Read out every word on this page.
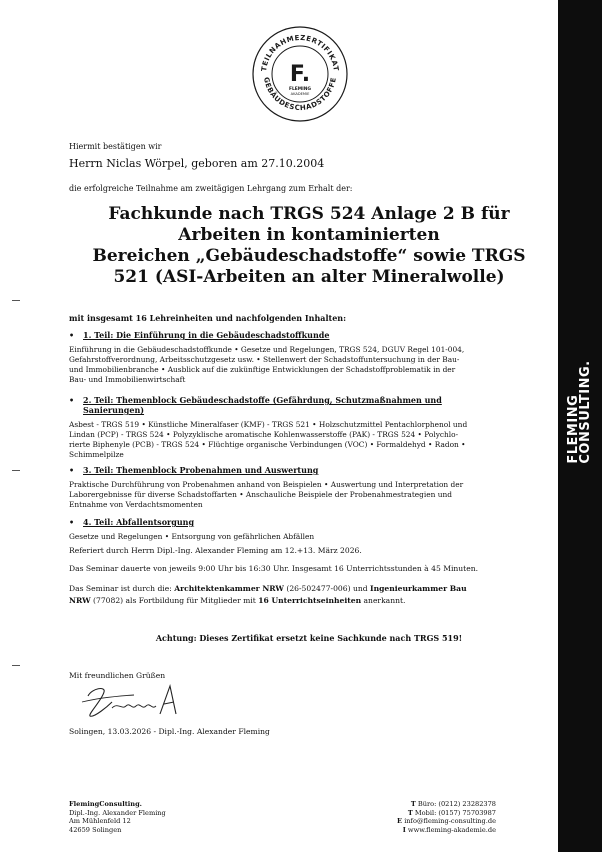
TEILNAHMEZERTIFIKAT
GEBÄUDESCHADSTOFFE
F.
FLEMING
AKADEMIE
Hiermit bestätigen wir
Herrn Niclas Wörpel, geboren am 27.10.2004
die erfolgreiche Teilnahme am zweitägigen Lehrgang zum Erhalt der:
Fachkunde nach TRGS 524 Anlage 2 B für
Arbeiten in kontaminierten
Bereichen „Gebäudeschadstoffe“ sowie TRGS
521 (ASI-Arbeiten an alter Mineralwolle)
mit insgesamt 16 Lehreinheiten und nachfolgenden Inhalten:
• 1. Teil: Die Einführung in die Gebäudeschadstoffkunde
Einführung in die Gebäudeschadstoffkunde • Gesetze und Regelungen, TRGS 524, DGUV Regel 101-004,
Gefahrstoffverordnung, Arbeitsschutzgesetz usw. • Stellenwert der Schadstoffuntersuchung in der Bau-
und Immobilienbranche • Ausblick auf die zukünftige Entwicklungen der Schadstoffproblematik in der
Bau- und Immobilienwirtschaft
• 2. Teil: Themenblock Gebäudeschadstoffe (Gefährdung, Schutzmaßnahmen und
Sanierungen)
Asbest - TRGS 519 • Künstliche Mineralfaser (KMF) - TRGS 521 • Holzschutzmittel Pentachlorphenol und
Lindan (PCP) - TRGS 524 • Polyzyklische aromatische Kohlenwasserstoffe (PAK) - TRGS 524 • Polychlo-
rierte Biphenyle (PCB) - TRGS 524 • Flüchtige organische Verbindungen (VOC) • Formaldehyd • Radon •
Schimmelpilze
• 3. Teil: Themenblock Probenahmen und Auswertung
Praktische Durchführung von Probenahmen anhand von Beispielen • Auswertung und Interpretation der
Laborergebnisse für diverse Schadstoffarten • Anschauliche Beispiele der Probenahmestrategien und
Entnahme von Verdachtsmomenten
• 4. Teil: Abfallentsorgung
Gesetze und Regelungen • Entsorgung von gefährlichen Abfällen
Referiert durch Herrn Dipl.-Ing. Alexander Fleming am 12.+13. März 2026.
Das Seminar dauerte von jeweils 9:00 Uhr bis 16:30 Uhr. Insgesamt 16 Unterrichtsstunden à 45 Minuten.
Das Seminar ist durch die: Architektenkammer NRW (26-502477-006) und Ingenieurkammer Bau
NRW (77082) als Fortbildung für Mitglieder mit 16 Unterrichtseinheiten anerkannt.
Achtung: Dieses Zertifikat ersetzt keine Sachkunde nach TRGS 519!
Mit freundlichen Grüßen
Solingen, 13.03.2026 - Dipl.-Ing. Alexander Fleming
FlemingConsulting.
Dipl.-Ing. Alexander Fleming
Am Mühlenfeld 12
42659 Solingen
T Büro: (0212) 23282378
T Mobil: (0157) 75703987
E info@fleming-consulting.de
I www.fleming-akademie.de
FLEMING
CONSULTING.
